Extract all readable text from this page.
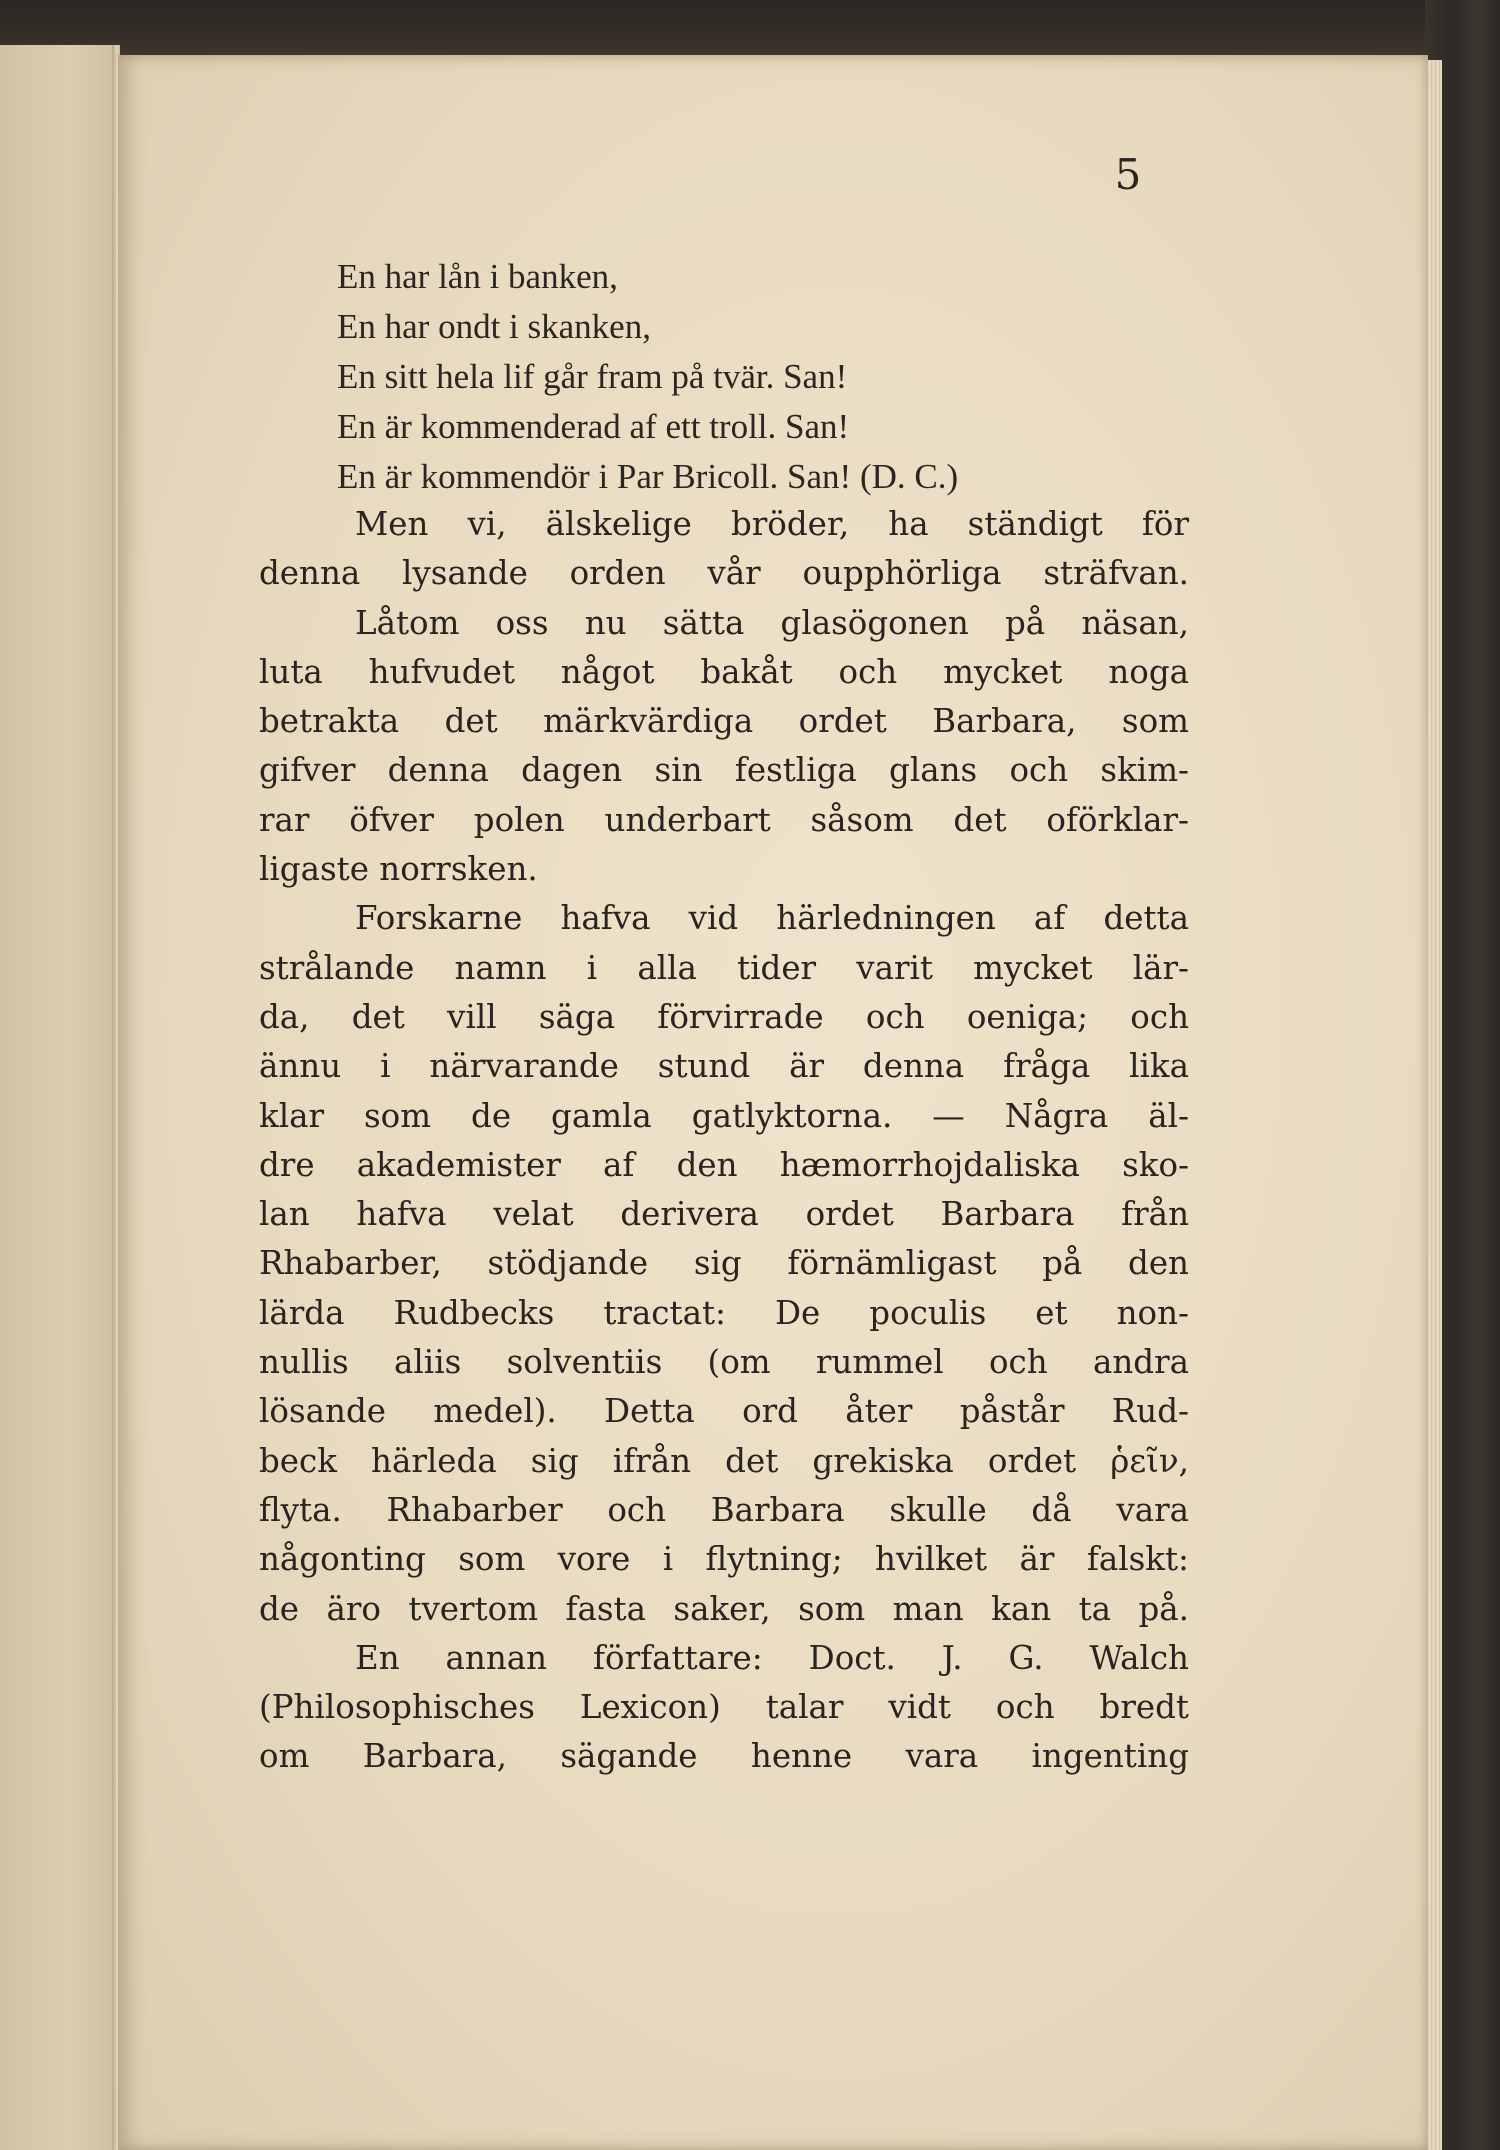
5
En har lån i banken,
En har ondt i skanken,
En sitt hela lif går fram på tvär. San!
En är kommenderad af ett troll. San!
En är kommendör i Par Bricoll. San! (D. C.)
Men vi, älskelige bröder, ha ständigt för
denna lysande orden vår oupphörliga sträfvan.
Låtom oss nu sätta glasögonen på näsan,
luta hufvudet något bakåt och mycket noga
betrakta det märkvärdiga ordet Barbara, som
gifver denna dagen sin festliga glans och skim-
rar öfver polen underbart såsom det oförklar-
ligaste norrsken.
Forskarne hafva vid härledningen af detta
strålande namn i alla tider varit mycket lär-
da, det vill säga förvirrade och oeniga; och
ännu i närvarande stund är denna fråga lika
klar som de gamla gatlyktorna. — Några äl-
dre akademister af den hæmorrhojdaliska sko-
lan hafva velat derivera ordet Barbara från
Rhabarber, stödjande sig förnämligast på den
lärda Rudbecks tractat: De poculis et non-
nullis aliis solventiis (om rummel och andra
lösande medel). Detta ord åter påstår Rud-
beck härleda sig ifrån det grekiska ordet ῥεῖν,
flyta. Rhabarber och Barbara skulle då vara
någonting som vore i flytning; hvilket är falskt:
de äro tvertom fasta saker, som man kan ta på.
En annan författare: Doct. J. G. Walch
(Philosophisches Lexicon) talar vidt och bredt
om Barbara, sägande henne vara ingenting
